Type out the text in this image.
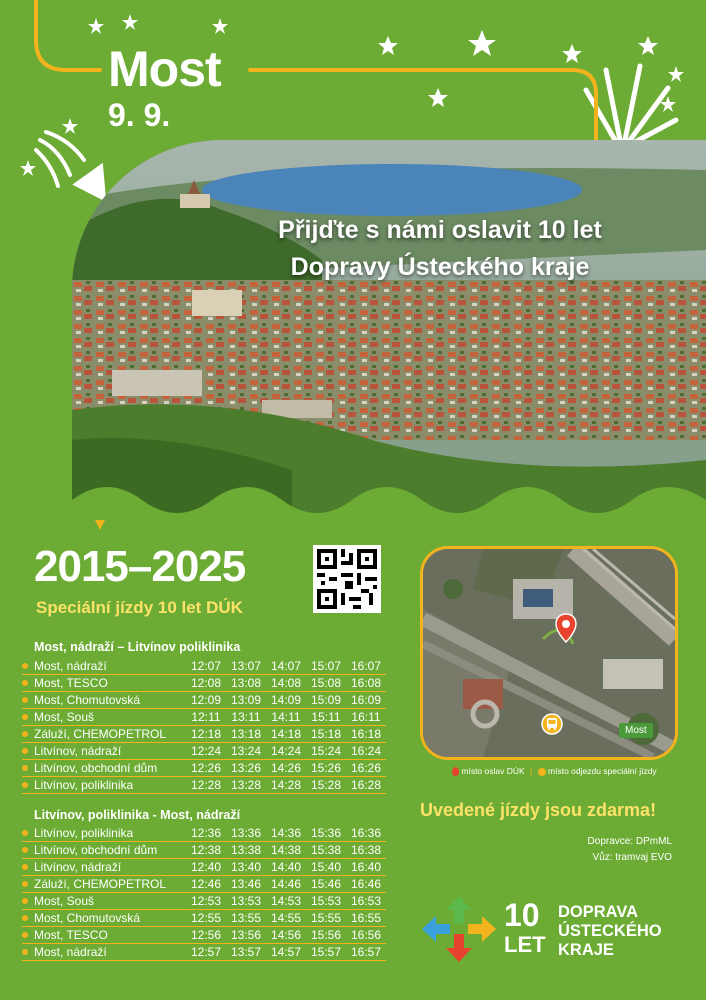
Most
9. 9.
Přijďte s námi oslavit 10 let
Dopravy Ústeckého kraje
2015–2025
Speciální jízdy 10 let DÚK
Most, nádraží – Litvínov poliklinika
Most, nádraží	12:07	13:07	14:07	15:07	16:07
Most, TESCO	12:08	13:08	14:08	15:08	16:08
Most, Chomutovská	12:09	13:09	14:09	15:09	16:09
Most, Souš	12:11	13:11	14:11	15:11	16:11
Záluží, CHEMOPETROL	12:18	13:18	14:18	15:18	16:18
Litvínov, nádraží	12:24	13:24	14:24	15:24	16:24
Litvínov, obchodní dům	12:26	13:26	14:26	15:26	16:26
Litvínov, poliklinika	12:28	13:28	14:28	15:28	16:28
Litvínov, poliklinika - Most, nádraží
Litvínov, poliklinika	12:36	13:36	14:36	15:36	16:36
Litvínov, obchodní dům	12:38	13:38	14:38	15:38	16:38
Litvínov, nádraží	12:40	13:40	14:40	15:40	16:40
Záluží, CHEMOPETROL	12:46	13:46	14:46	15:46	16:46
Most, Souš	12:53	13:53	14:53	15:53	16:53
Most, Chomutovská	12:55	13:55	14:55	15:55	16:55
Most, TESCO	12:56	13:56	14:56	15:56	16:56
Most, nádraží	12:57	13:57	14:57	15:57	16:57
Most
místo oslav DÚK | místo odjezdu speciální jízdy
Uvedené jízdy jsou zdarma!
Dopravce: DPmML
Vůz: tramvaj EVO
10
LET
DOPRAVA
ÚSTECKÉHO
KRAJE
